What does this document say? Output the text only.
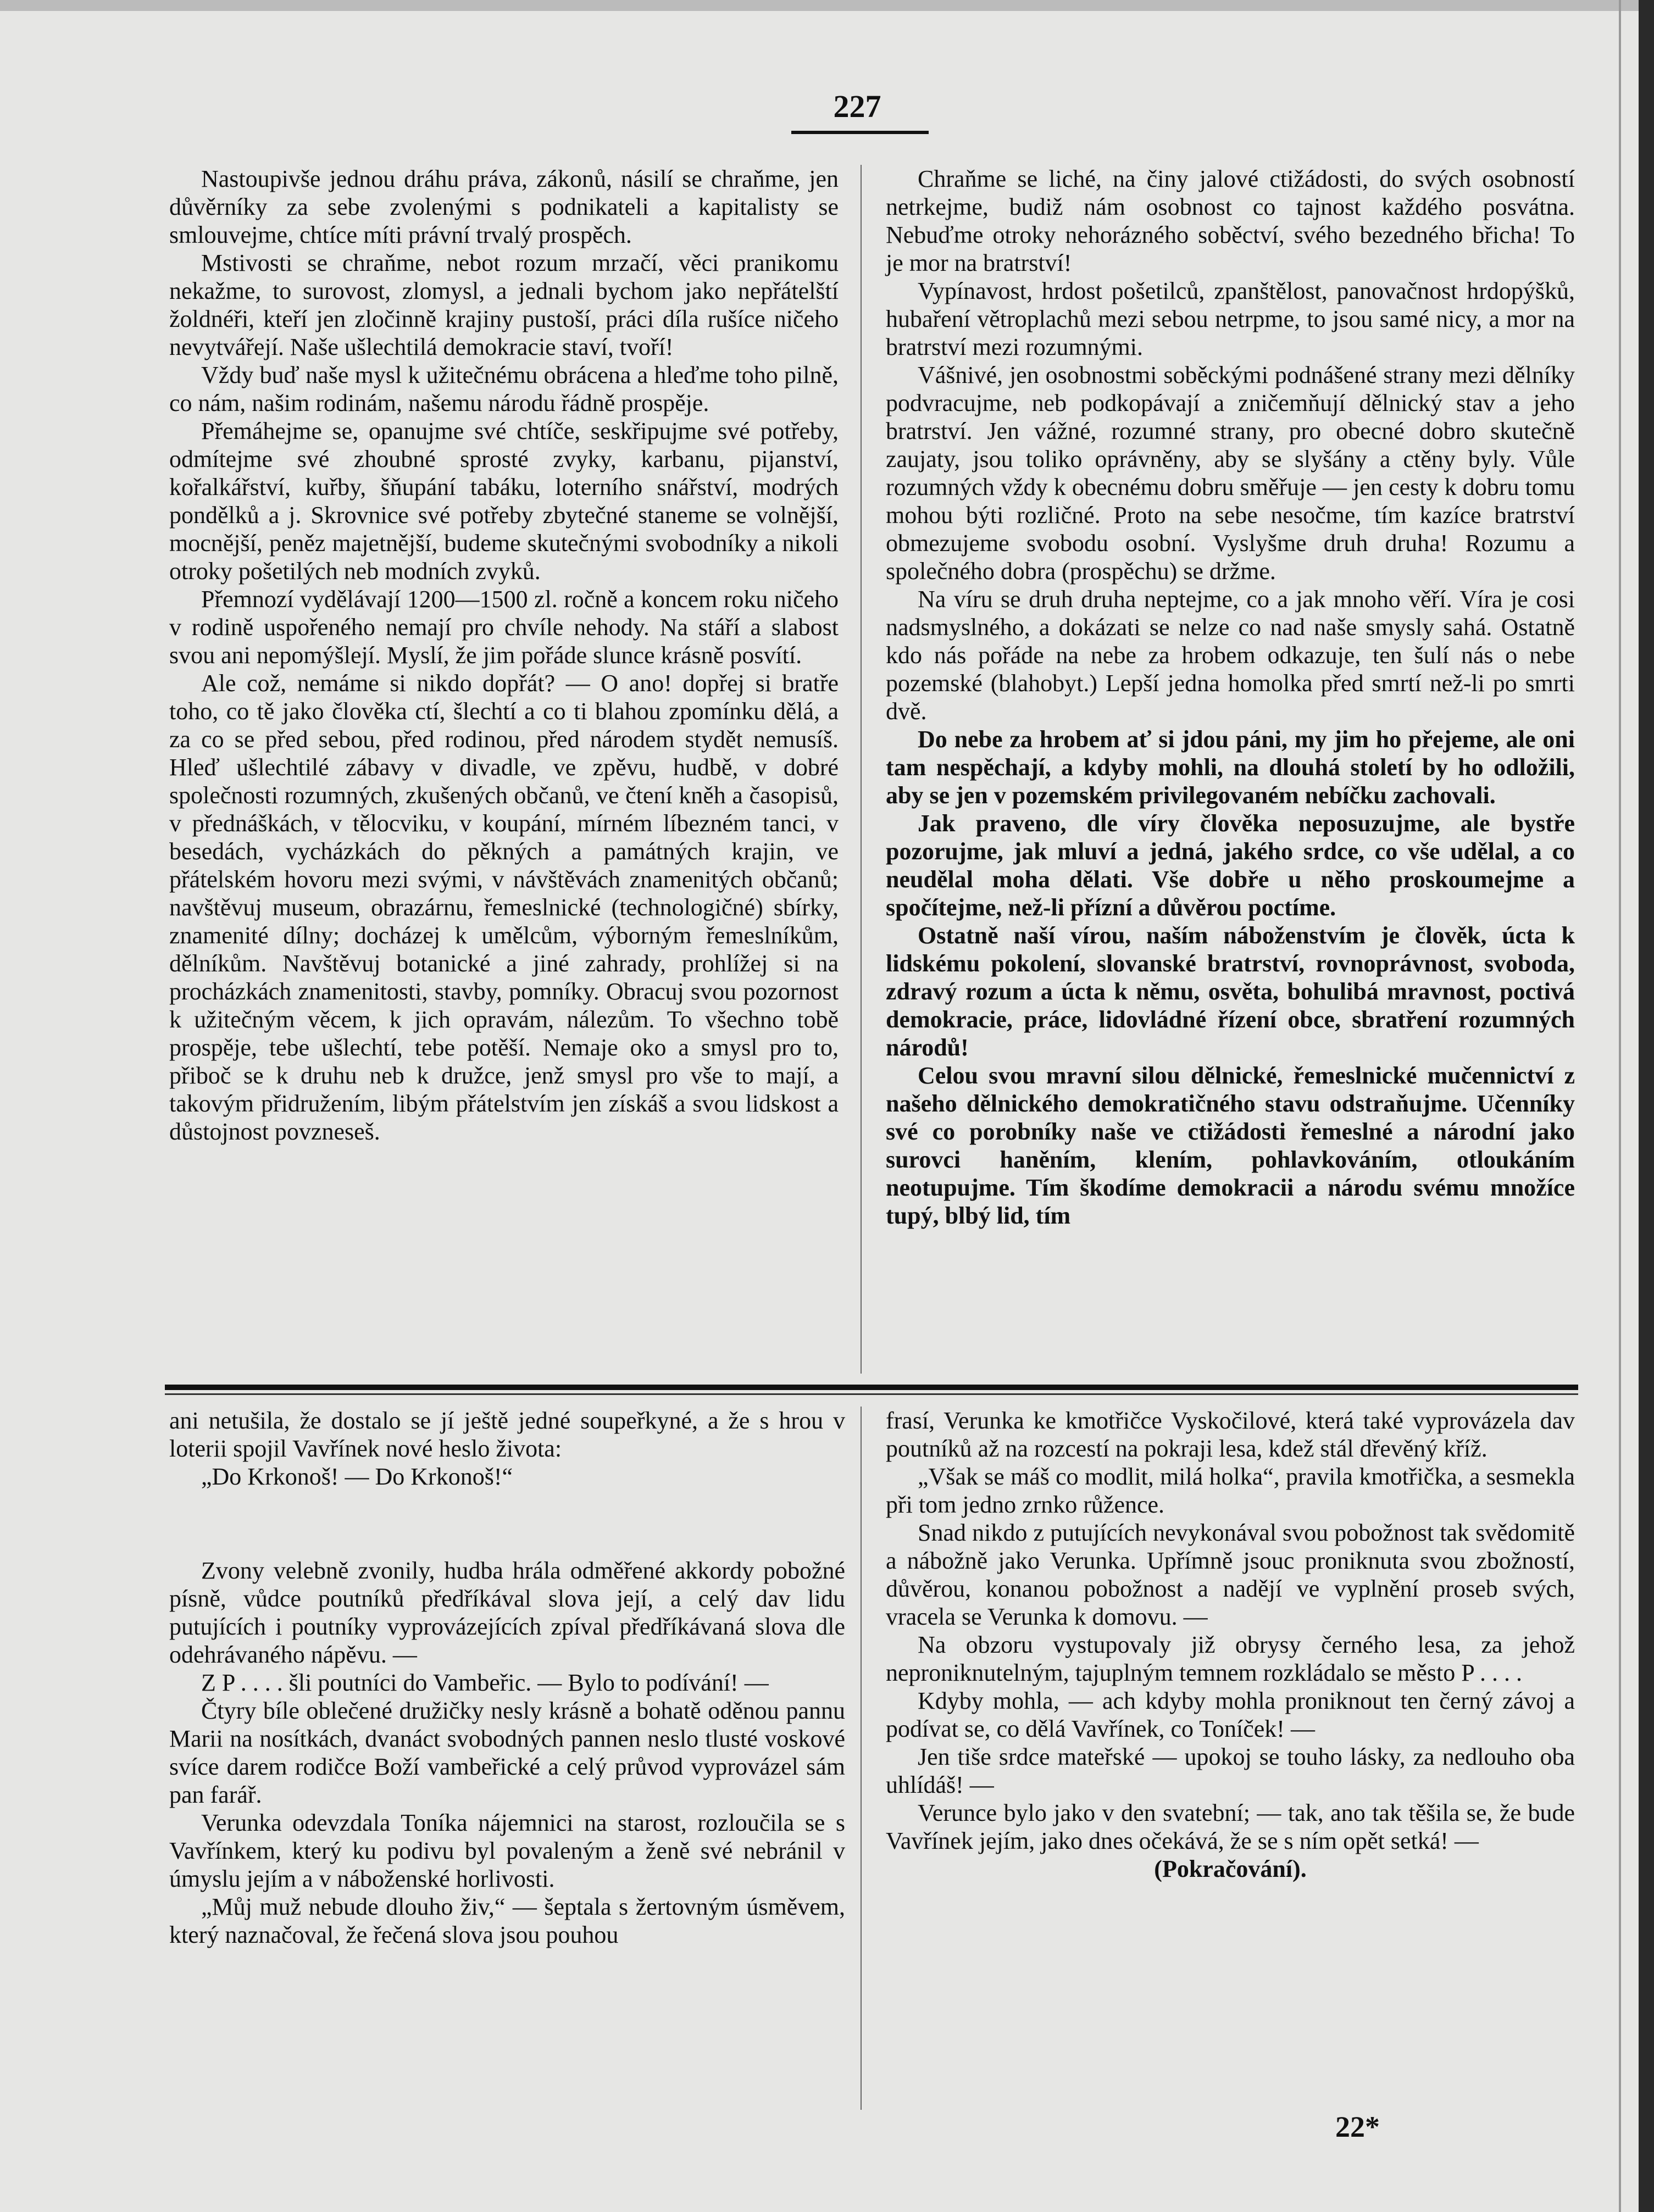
227

Nastoupivše jednou dráhu práva, zákonů, násilí se chraňme, jen důvěrníky za sebe zvolenými s podnikateli a kapitalisty se smlouvejme, chtíce míti právní trvalý prospěch.

Mstivosti se chraňme, nebot rozum mrzačí, věci pranikomu nekažme, to surovost, zlomysl, a jednali bychom jako nepřátelští žoldnéři, kteří jen zločinně krajiny pustoší, práci díla rušíce ničeho nevytvářejí. Naše ušlechtilá demokracie staví, tvoří!

Vždy buď naše mysl k užitečnému obrácena a hleďme toho pilně, co nám, našim rodinám, našemu národu řádně prospěje.

Přemáhejme se, opanujme své chtíče, seskřipujme své potřeby, odmítejme své zhoubné sprosté zvyky, karbanu, pijanství, kořalkářství, kuřby, šňupání tabáku, loterního snářství, modrých pondělků a j. Skrovnice své potřeby zbytečné staneme se volnější, mocnější, peněz majetnější, budeme skutečnými svobodníky a nikoli otroky pošetilých neb modních zvyků.

Přemnozí vydělávají 1200—1500 zl. ročně a koncem roku ničeho v rodině uspořeného nemají pro chvíle nehody. Na stáří a slabost svou ani nepomýšlejí. Myslí, že jim pořáde slunce krásně posvítí.

Ale což, nemáme si nikdo dopřát? — O ano! dopřej si bratře toho, co tě jako člověka ctí, šlechtí a co ti blahou zpomínku dělá, a za co se před sebou, před rodinou, před národem stydět nemusíš. Hleď ušlechtilé zábavy v divadle, ve zpěvu, hudbě, v dobré společnosti rozumných, zkušených občanů, ve čtení kněh a časopisů, v přednáškách, v tělocviku, v koupání, mírném líbezném tanci, v besedách, vycházkách do pěkných a památných krajin, ve přátelském hovoru mezi svými, v návštěvách znamenitých občanů; navštěvuj museum, obrazárnu, řemeslnické (technologičné) sbírky, znamenité dílny; docházej k umělcům, výborným řemeslníkům, dělníkům. Navštěvuj botanické a jiné zahrady, prohlížej si na procházkách znamenitosti, stavby, pomníky. Obracuj svou pozornost k užitečným věcem, k jich opravám, nálezům. To všechno tobě prospěje, tebe ušlechtí, tebe potěší. Nemaje oko a smysl pro to, přiboč se k druhu neb k družce, jenž smysl pro vše to mají, a takovým přidružením, libým přátelstvím jen získáš a svou lidskost a důstojnost povzneseš.

Chraňme se liché, na činy jalové ctižádosti, do svých osobností netrkejme, budiž nám osobnost co tajnost každého posvátna. Nebuďme otroky nehorázného soběctví, svého bezedného břicha! To je mor na bratrství!

Vypínavost, hrdost pošetilců, zpanštělost, panovačnost hrdopýšků, hubaření větroplachů mezi sebou netrpme, to jsou samé nicy, a mor na bratrství mezi rozumnými.

Vášnivé, jen osobnostmi soběckými podnášené strany mezi dělníky podvracujme, neb podkopávají a zničemňují dělnický stav a jeho bratrství. Jen vážné, rozumné strany, pro obecné dobro skutečně zaujaty, jsou toliko oprávněny, aby se slyšány a ctěny byly. Vůle rozumných vždy k obecnému dobru směřuje — jen cesty k dobru tomu mohou býti rozličné. Proto na sebe nesočme, tím kazíce bratrství obmezujeme svobodu osobní. Vyslyšme druh druha! Rozumu a společného dobra (prospěchu) se držme.

Na víru se druh druha neptejme, co a jak mnoho věří. Víra je cosi nadsmyslného, a dokázati se nelze co nad naše smysly sahá. Ostatně kdo nás pořáde na nebe za hrobem odkazuje, ten šulí nás o nebe pozemské (blahobyt.) Lepší jedna homolka před smrtí než-li po smrti dvě.

Do nebe za hrobem ať si jdou páni, my jim ho přejeme, ale oni tam nespěchají, a kdyby mohli, na dlouhá století by ho odložili, aby se jen v pozemském privilegovaném nebíčku zachovali.

Jak praveno, dle víry člověka neposuzujme, ale bystře pozorujme, jak mluví a jedná, jakého srdce, co vše udělal, a co neudělal moha dělati. Vše dobře u něho proskoumejme a spočítejme, než-li přízní a důvěrou poctíme.

Ostatně naší vírou, naším náboženstvím je člověk, úcta k lidskému pokolení, slovanské bratrství, rovnoprávnost, svoboda, zdravý rozum a úcta k němu, osvěta, bohulibá mravnost, poctivá demokracie, práce, lidovládné řízení obce, sbratření rozumných národů!

Celou svou mravní silou dělnické, řemeslnické mučennictví z našeho dělnického demokratičného stavu odstraňujme. Učenníky své co porobníky naše ve ctižádosti řemeslné a národní jako surovci haněním, klením, pohlavkováním, otloukáním neotupujme. Tím škodíme demokracii a národu svému množíce tupý, blbý lid, tím

ani netušila, že dostalo se jí ještě jedné soupeřkyné, a že s hrou v loterii spojil Vavřínek nové heslo života:

„Do Krkonoš! — Do Krkonoš!“

Zvony velebně zvonily, hudba hrála odměřené akkordy pobožné písně, vůdce poutníků předříkával slova její, a celý dav lidu putujících i poutníky vyprovázejících zpíval předříkávaná slova dle odehrávaného nápěvu. —

Z P . . . . šli poutníci do Vambeřic. — Bylo to podívání! —

Čtyry bíle oblečené družičky nesly krásně a bohatě oděnou pannu Marii na nosítkách, dvanáct svobodných pannen neslo tlusté voskové svíce darem rodičce Boží vambeřické a celý průvod vyprovázel sám pan farář.

Verunka odevzdala Toníka nájemnici na starost, rozloučila se s Vavřínkem, který ku podivu byl povaleným a ženě své nebránil v úmyslu jejím a v náboženské horlivosti.

„Můj muž nebude dlouho živ,“ — šeptala s žertovným úsměvem, který naznačoval, že řečená slova jsou pouhou

frasí, Verunka ke kmotřičce Vyskočilové, která také vyprovázela dav poutníků až na rozcestí na pokraji lesa, kdež stál dřevěný kříž.

„Však se máš co modlit, milá holka“, pravila kmotřička, a sesmekla při tom jedno zrnko růžence.

Snad nikdo z putujících nevykonával svou pobožnost tak svědomitě a nábožně jako Verunka. Upřímně jsouc proniknuta svou zbožností, důvěrou, konanou pobožnost a nadějí ve vyplnění proseb svých, vracela se Verunka k domovu. —

Na obzoru vystupovaly již obrysy černého lesa, za jehož neproniknutelným, tajuplným temnem rozkládalo se město P . . . .

Kdyby mohla, — ach kdyby mohla proniknout ten černý závoj a podívat se, co dělá Vavřínek, co Toníček! —

Jen tiše srdce mateřské — upokoj se touho lásky, za nedlouho oba uhlídáš! —

Verunce bylo jako v den svatební; — tak, ano tak těšila se, že bude Vavřínek jejím, jako dnes očekává, že se s ním opět setká! —

(Pokračování).

22*
